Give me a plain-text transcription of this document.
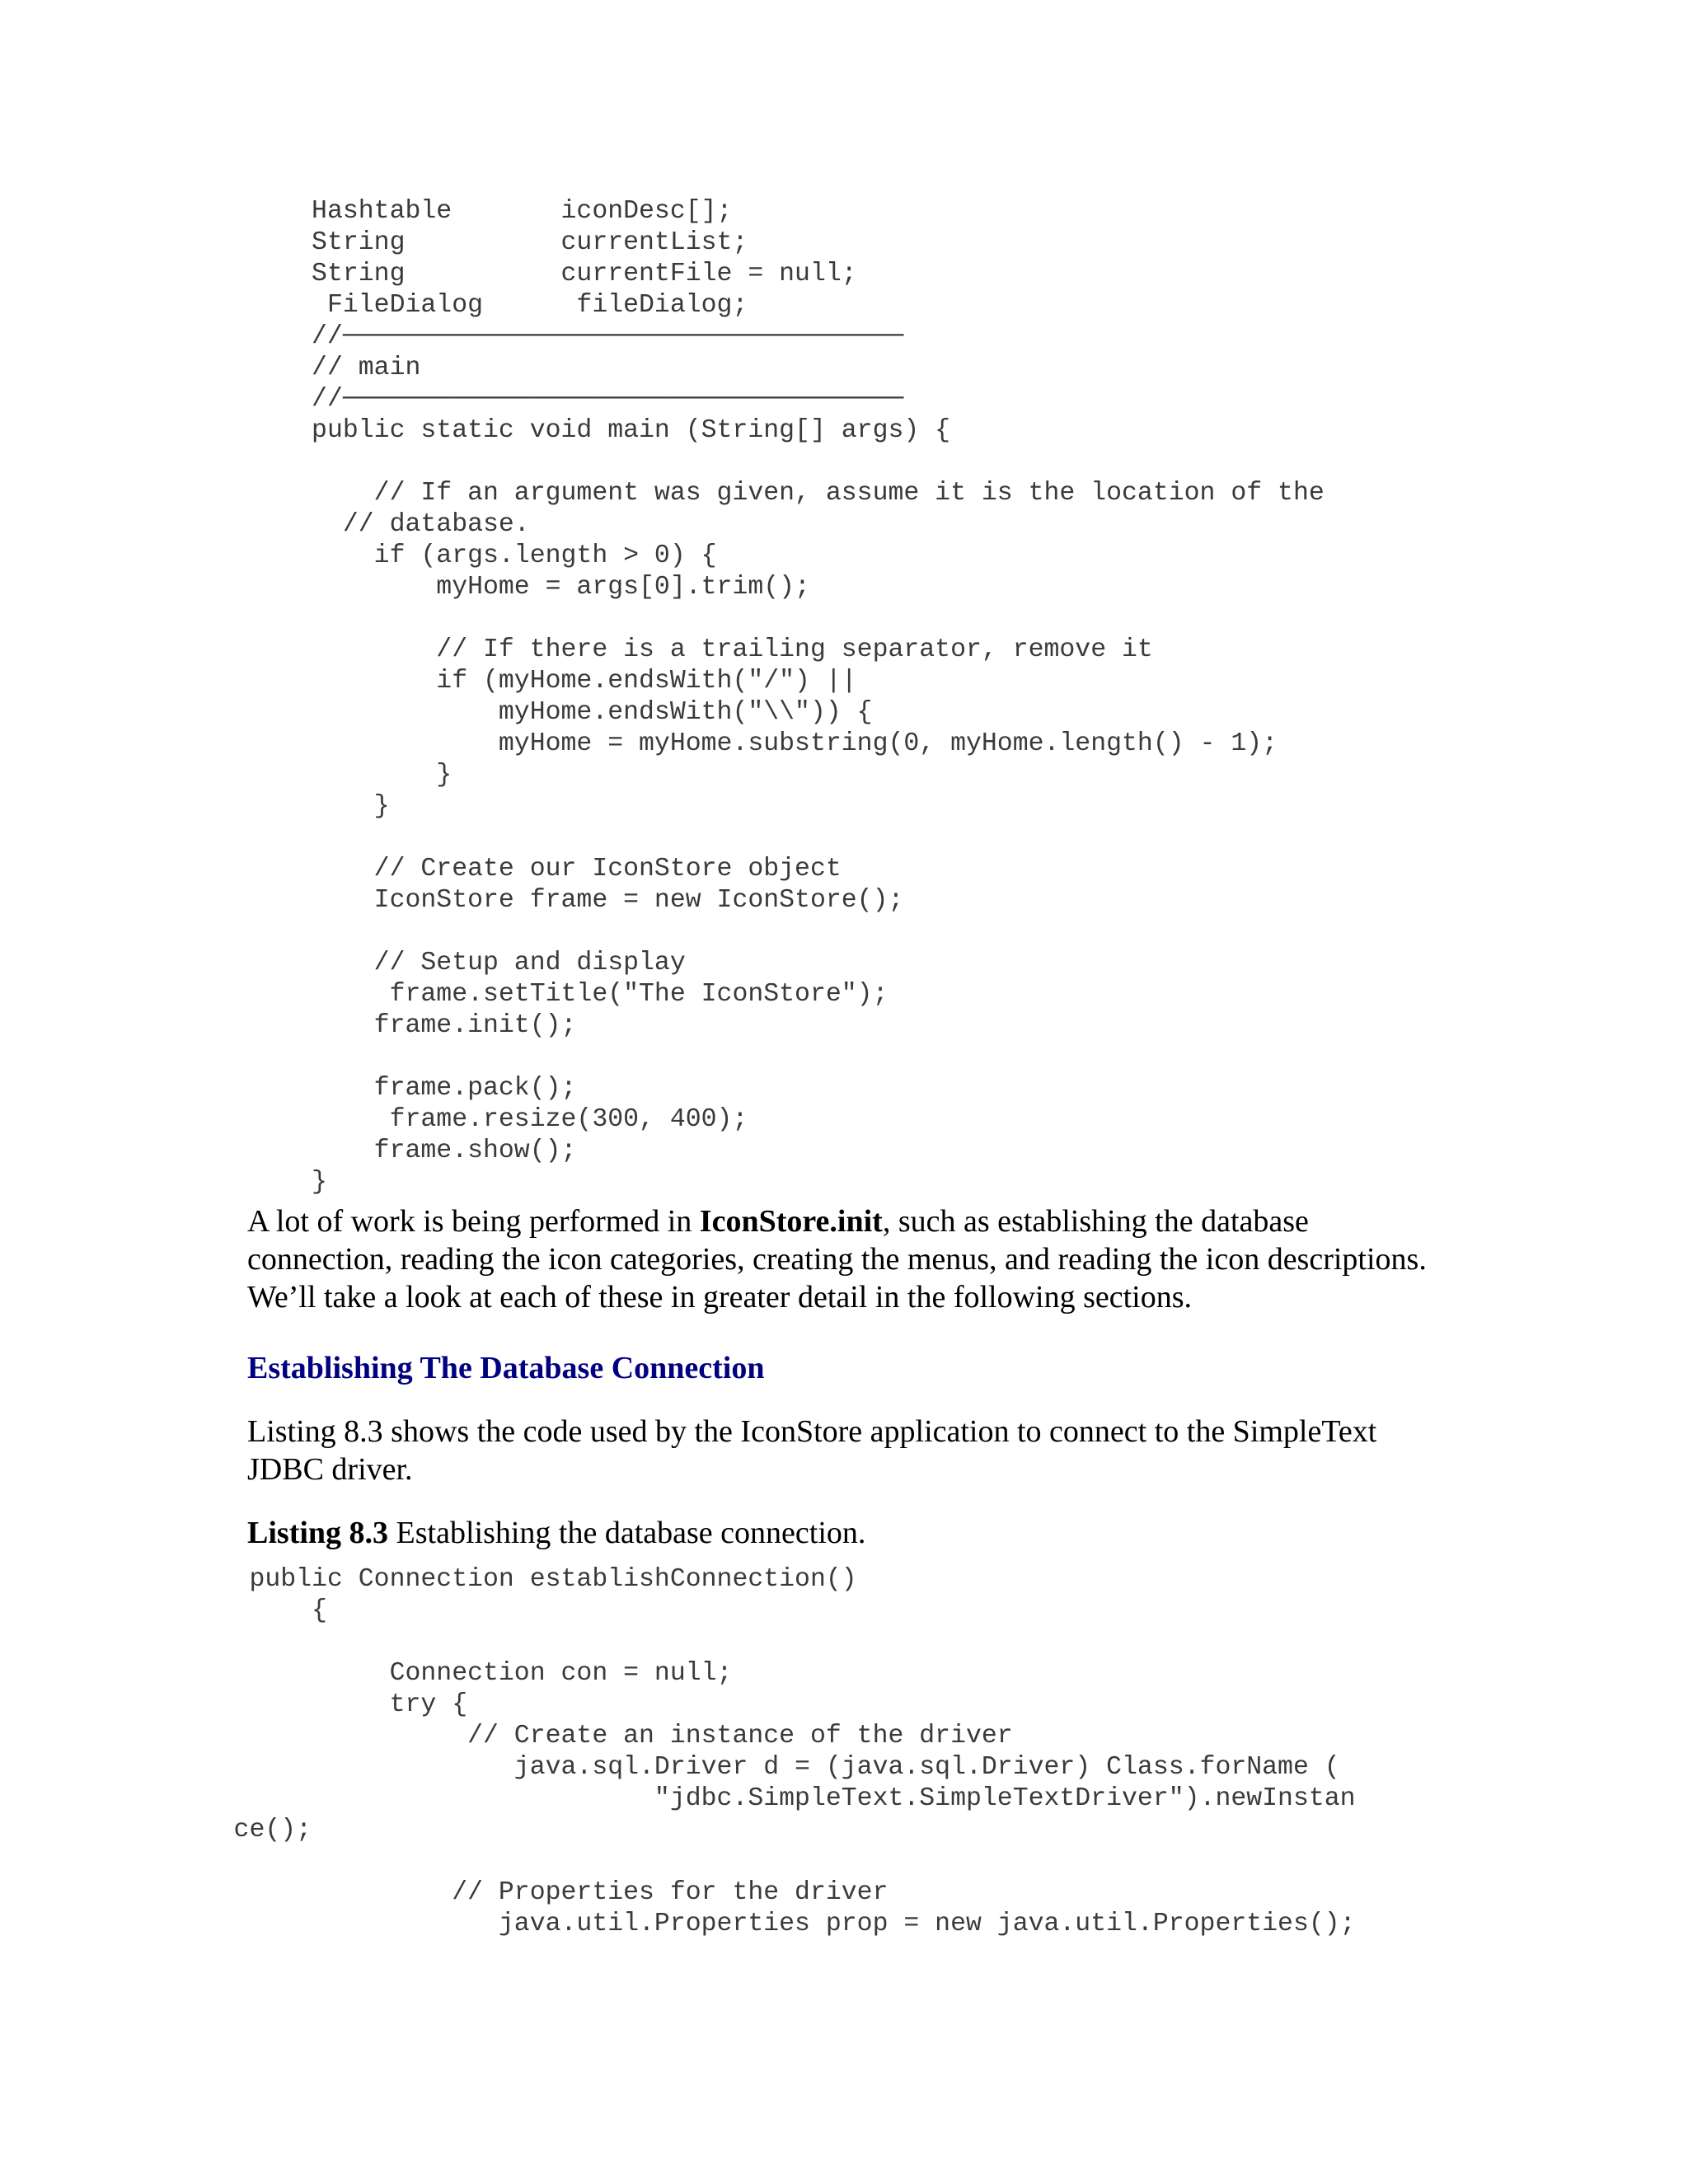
Hashtable       iconDesc[];
String          currentList;
String          currentFile = null;
FileDialog      fileDialog;
//────────────────────────────────────
// main
//────────────────────────────────────
public static void main (String[] args) {

// If an argument was given, assume it is the location of the
// database.
if (args.length > 0) {
myHome = args[0].trim();

// If there is a trailing separator, remove it
if (myHome.endsWith("/") ||
myHome.endsWith("\\")) {
myHome = myHome.substring(0, myHome.length() - 1);
}
}

// Create our IconStore object
IconStore frame = new IconStore();

// Setup and display
frame.setTitle("The IconStore");
frame.init();

frame.pack();
frame.resize(300, 400);
frame.show();
}

A lot of work is being performed in IconStore.init, such as establishing the database connection, reading the icon categories, creating the menus, and reading the icon descriptions. We’ll take a look at each of these in greater detail in the following sections.

Establishing The Database Connection

Listing 8.3 shows the code used by the IconStore application to connect to the SimpleText JDBC driver.

Listing 8.3 Establishing the database connection.

public Connection establishConnection()
{

Connection con = null;
try {
// Create an instance of the driver
java.sql.Driver d = (java.sql.Driver) Class.forName (
"jdbc.SimpleText.SimpleTextDriver").newInstan
ce();

// Properties for the driver
java.util.Properties prop = new java.util.Properties();
